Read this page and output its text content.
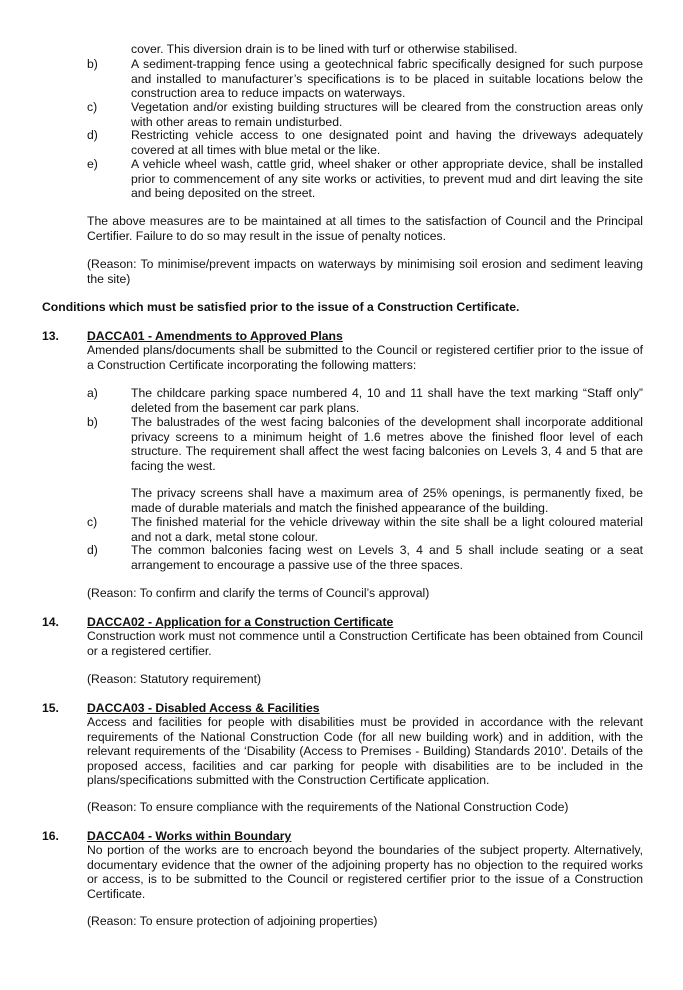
cover. This diversion drain is to be lined with turf or otherwise stabilised.
b)	A sediment-trapping fence using a geotechnical fabric specifically designed for such purpose and installed to manufacturer’s specifications is to be placed in suitable locations below the construction area to reduce impacts on waterways.
c)	Vegetation and/or existing building structures will be cleared from the construction areas only with other areas to remain undisturbed.
d)	Restricting vehicle access to one designated point and having the driveways adequately covered at all times with blue metal or the like.
e)	A vehicle wheel wash, cattle grid, wheel shaker or other appropriate device, shall be installed prior to commencement of any site works or activities, to prevent mud and dirt leaving the site and being deposited on the street.
The above measures are to be maintained at all times to the satisfaction of Council and the Principal Certifier. Failure to do so may result in the issue of penalty notices.
(Reason: To minimise/prevent impacts on waterways by minimising soil erosion and sediment leaving the site)
Conditions which must be satisfied prior to the issue of a Construction Certificate.
13. DACCA01 - Amendments to Approved Plans
Amended plans/documents shall be submitted to the Council or registered certifier prior to the issue of a Construction Certificate incorporating the following matters:
a)	The childcare parking space numbered 4, 10 and 11 shall have the text marking “Staff only” deleted from the basement car park plans.
b)	The balustrades of the west facing balconies of the development shall incorporate additional privacy screens to a minimum height of 1.6 metres above the finished floor level of each structure. The requirement shall affect the west facing balconies on Levels 3, 4 and 5 that are facing the west.
The privacy screens shall have a maximum area of 25% openings, is permanently fixed, be made of durable materials and match the finished appearance of the building.
c)	The finished material for the vehicle driveway within the site shall be a light coloured material and not a dark, metal stone colour.
d)	The common balconies facing west on Levels 3, 4 and 5 shall include seating or a seat arrangement to encourage a passive use of the three spaces.
(Reason: To confirm and clarify the terms of Council’s approval)
14. DACCA02 - Application for a Construction Certificate
Construction work must not commence until a Construction Certificate has been obtained from Council or a registered certifier.
(Reason: Statutory requirement)
15. DACCA03 - Disabled Access & Facilities
Access and facilities for people with disabilities must be provided in accordance with the relevant requirements of the National Construction Code (for all new building work) and in addition, with the relevant requirements of the ‘Disability (Access to Premises - Building) Standards 2010’. Details of the proposed access, facilities and car parking for people with disabilities are to be included in the plans/specifications submitted with the Construction Certificate application.
(Reason: To ensure compliance with the requirements of the National Construction Code)
16. DACCA04 - Works within Boundary
No portion of the works are to encroach beyond the boundaries of the subject property. Alternatively, documentary evidence that the owner of the adjoining property has no objection to the required works or access, is to be submitted to the Council or registered certifier prior to the issue of a Construction Certificate.
(Reason: To ensure protection of adjoining properties)
